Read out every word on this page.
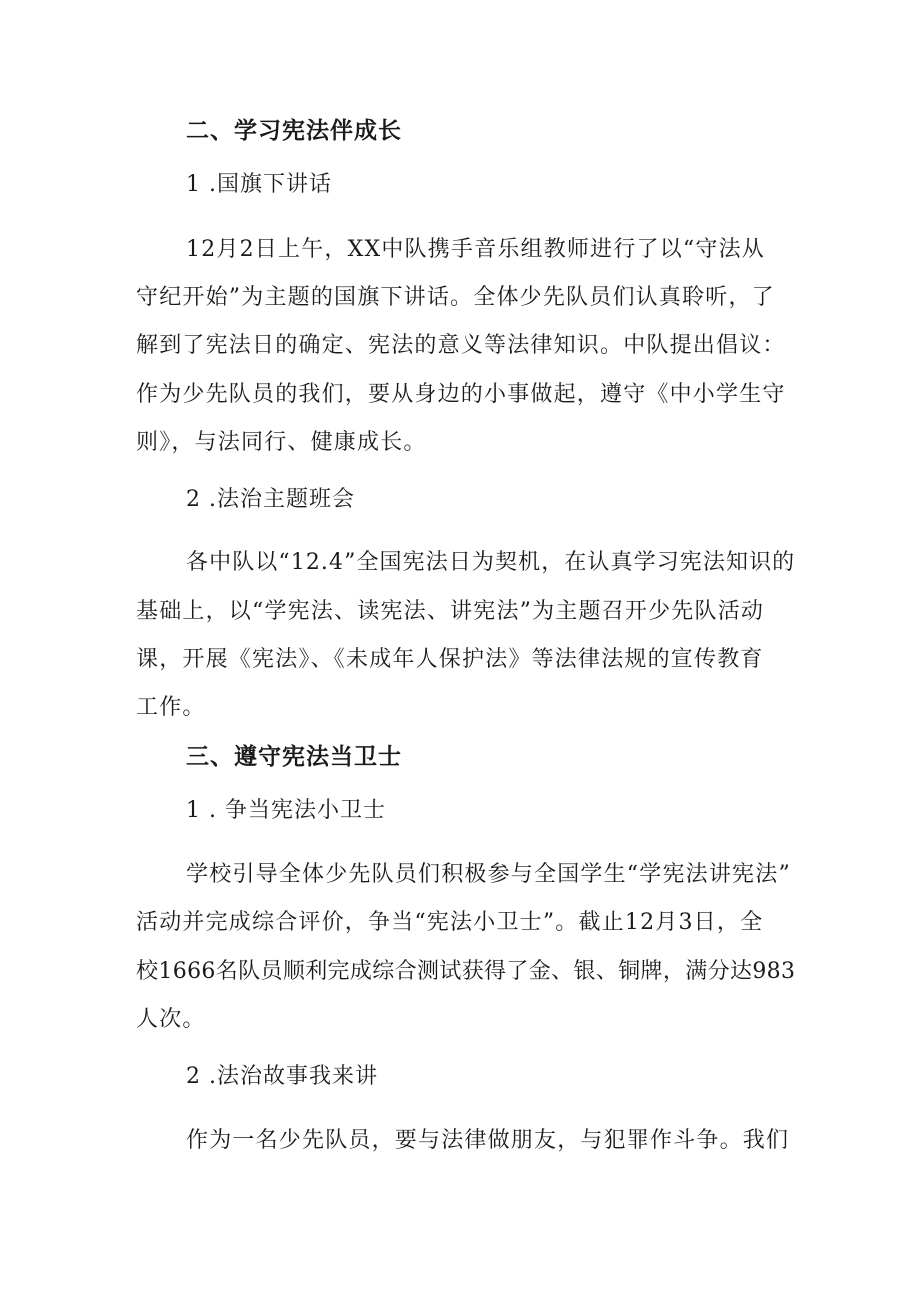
二、学习宪法伴成长

1 .国旗下讲话

12月2日上午，XX中队携手音乐组教师进行了以“守法从

守纪开始”为主题的国旗下讲话。全体少先队员们认真聆听，了

解到了宪法日的确定、宪法的意义等法律知识。中队提出倡议：

作为少先队员的我们，要从身边的小事做起，遵守《中小学生守

则》，与法同行、健康成长。

2 .法治主题班会

各中队以“12.4”全国宪法日为契机，在认真学习宪法知识的

基础上，以“学宪法、读宪法、讲宪法”为主题召开少先队活动

课，开展《宪法》、《未成年人保护法》等法律法规的宣传教育

工作。

三、遵守宪法当卫士

1 . 争当宪法小卫士

学校引导全体少先队员们积极参与全国学生“学宪法讲宪法”

活动并完成综合评价，争当“宪法小卫士”。截止12月3日，全

校1666名队员顺利完成综合测试获得了金、银、铜牌，满分达983

人次。

2 .法治故事我来讲

作为一名少先队员，要与法律做朋友，与犯罪作斗争。我们
